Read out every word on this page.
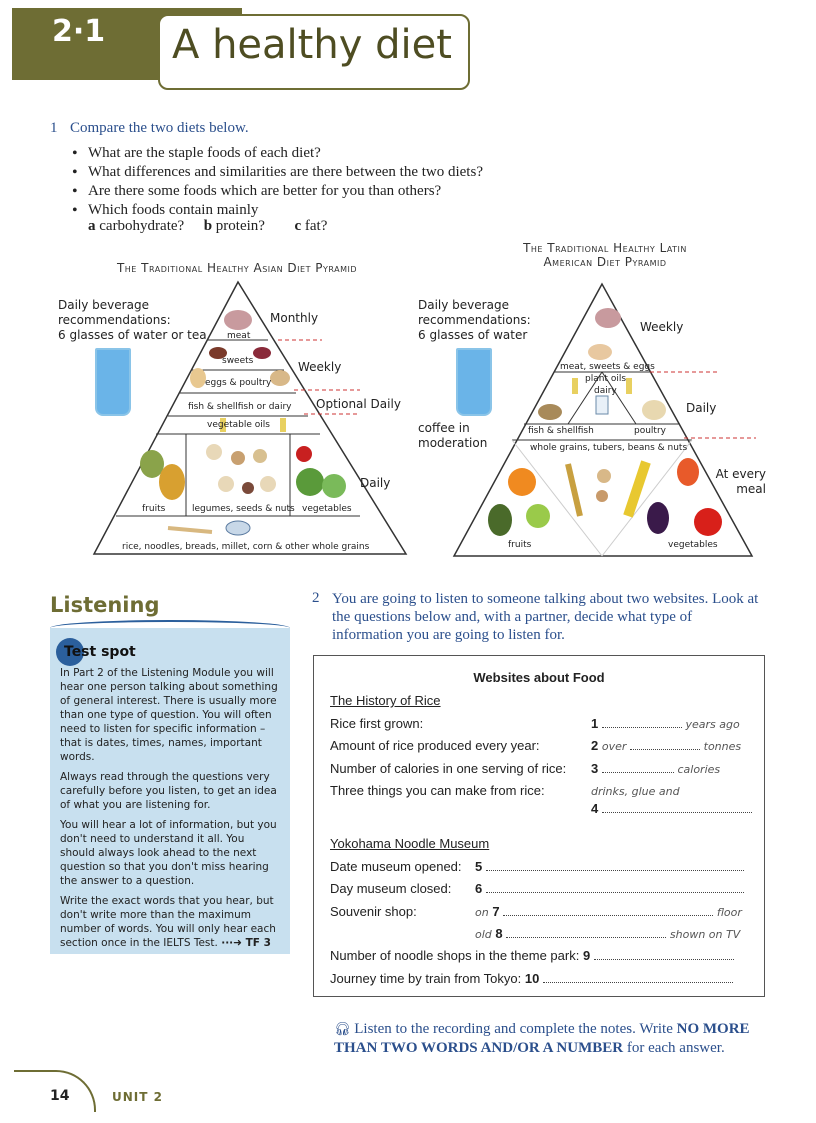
2·1 A healthy diet
1 Compare the two diets below.
• What are the staple foods of each diet?
• What differences and similarities are there between the two diets?
• Are there some foods which are better for you than others?
• Which foods contain mainly
a carbohydrate? b protein? c fat?
The Traditional Healthy Asian Diet Pyramid
Daily beverage
recommendations:
6 glasses of water or tea
Monthly
Weekly
Optional Daily
Daily
meat
sweets
eggs & poultry
fish & shellfish or dairy
vegetable oils
fruits	legumes, seeds & nuts vegetables
rice, noodles, breads, millet, corn & other whole grains
The Traditional Healthy Latin
American Diet Pyramid
Daily beverage
recommendations:
6 glasses of water
coffee in
moderation
Weekly
Daily
At every
meal
meat, sweets & eggs
plant oils
dairy
fish & shellfish	poultry
whole grains, tubers, beans & nuts
fruits	vegetables
Listening
Test spot

In Part 2 of the Listening Module you will hear one person talking about something of general interest. There is usually more than one type of question. You will often need to listen for specific information – that is dates, times, names, important words.

Always read through the questions very carefully before you listen, to get an idea of what you are listening for.

You will hear a lot of information, but you don't need to understand it all. You should always look ahead to the next question so that you don't miss hearing the answer to a question.

Write the exact words that you hear, but don't write more than the maximum number of words. You will only hear each section once in the IELTS Test. ···➜ TF 3

2 You are going to listen to someone talking about two websites. Look at the questions below and, with a partner, decide what type of information you are going to listen for.
Websites about Food
The History of Rice
Rice first grown:	1	years ago
Amount of rice produced every year:	2 over	tonnes
Number of calories in one serving of rice: 3	calories
Three things you can make from rice:	drinks, glue and
4
Yokohama Noodle Museum
Date museum opened: 5
Day museum closed: 6
Souvenir shop:	on 7	floor
old 8	shown on TV
Number of noodle shops in the theme park: 9
Journey time by train from Tokyo: 10
🎧︎ Listen to the recording and complete the notes. Write NO MORE THAN TWO WORDS AND/OR A NUMBER for each answer.
14	UNIT 2
